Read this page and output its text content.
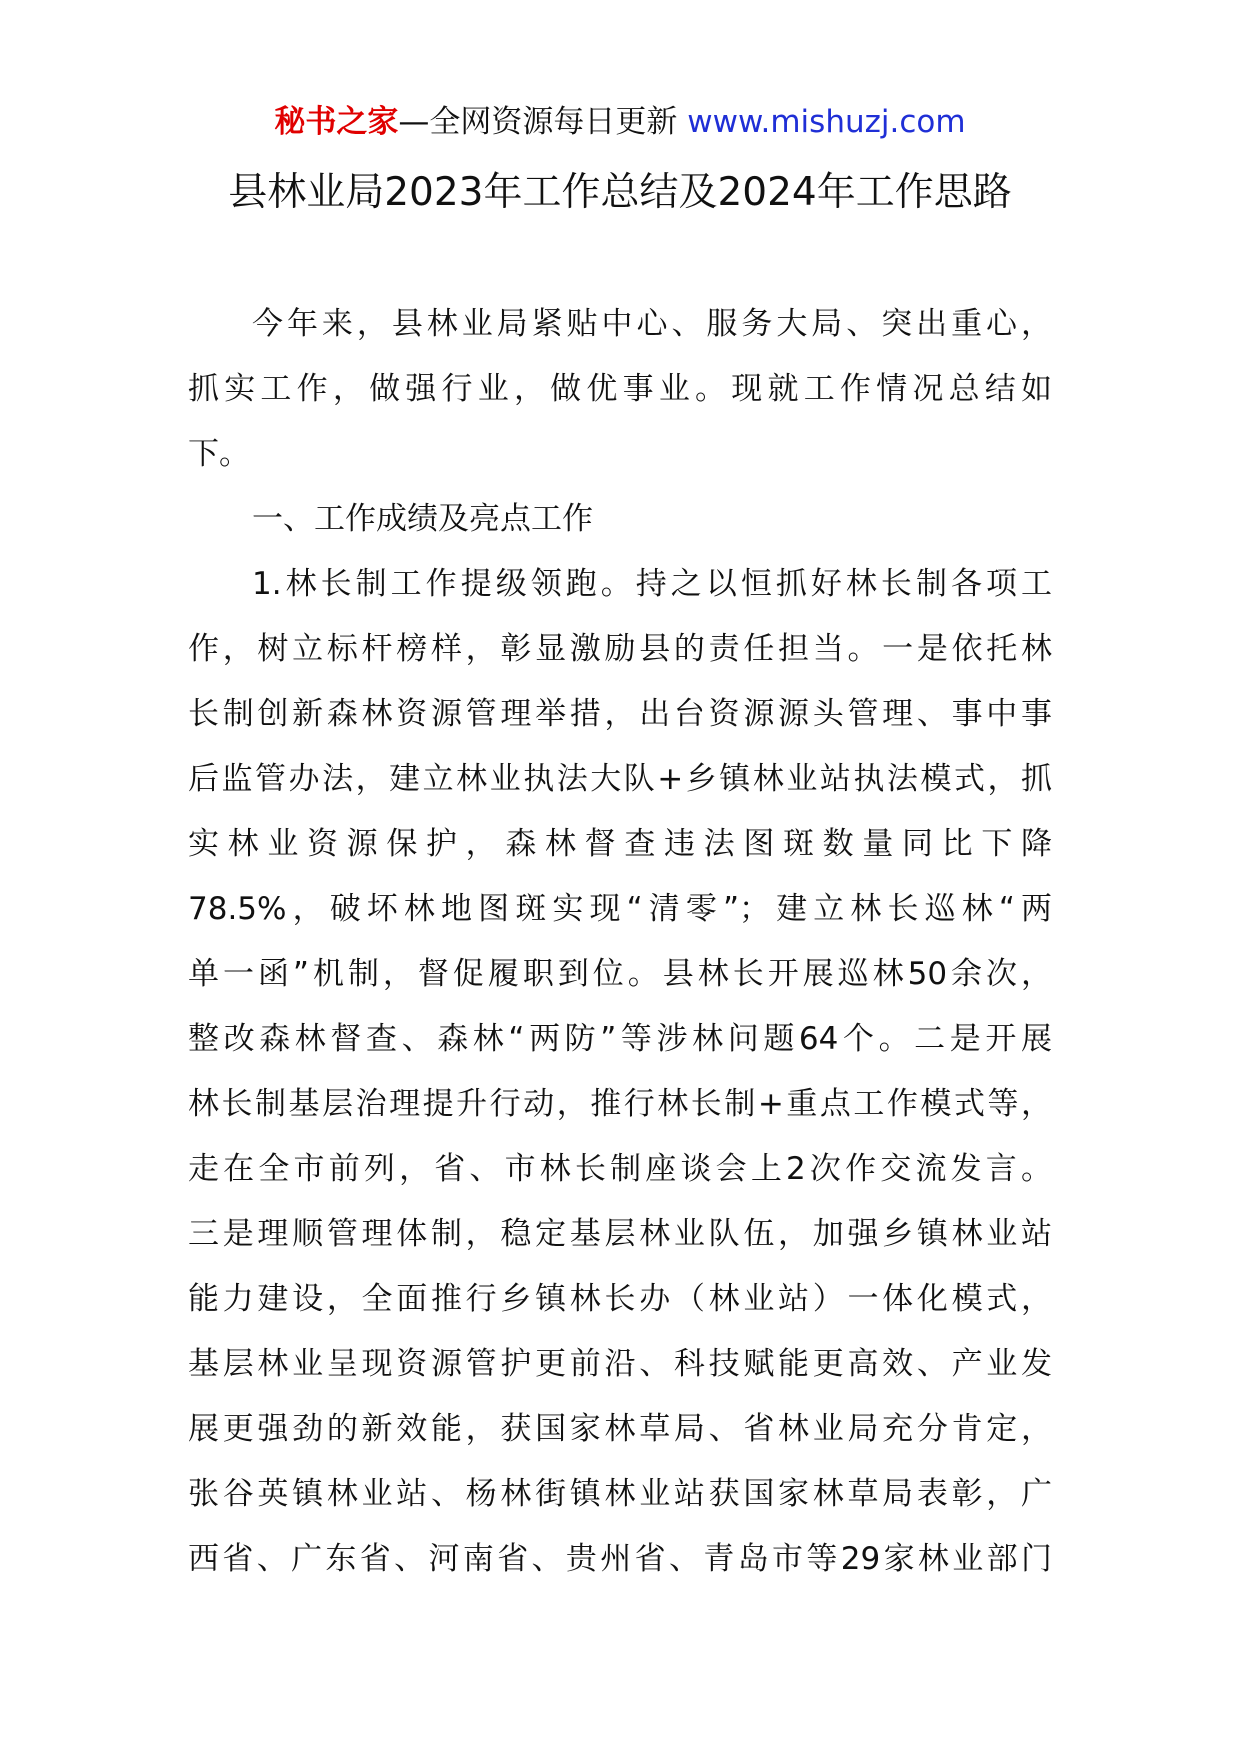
秘书之家—全网资源每日更新 www.mishuzj.com
县林业局2023年工作总结及2024年工作思路
今年来，县林业局紧贴中心、服务大局、突出重心，
抓实工作，做强行业，做优事业。现就工作情况总结如
下。
一、工作成绩及亮点工作
1.林长制工作提级领跑。持之以恒抓好林长制各项工
作，树立标杆榜样，彰显激励县的责任担当。一是依托林
长制创新森林资源管理举措，出台资源源头管理、事中事
后监管办法，建立林业执法大队+乡镇林业站执法模式，抓
实林业资源保护，森林督查违法图斑数量同比下降
78.5%，破坏林地图斑实现“清零”；建立林长巡林“两
单一函”机制，督促履职到位。县林长开展巡林50余次，
整改森林督查、森林“两防”等涉林问题64个。二是开展
林长制基层治理提升行动，推行林长制+重点工作模式等，
走在全市前列，省、市林长制座谈会上2次作交流发言。
三是理顺管理体制，稳定基层林业队伍，加强乡镇林业站
能力建设，全面推行乡镇林长办（林业站）一体化模式，
基层林业呈现资源管护更前沿、科技赋能更高效、产业发
展更强劲的新效能，获国家林草局、省林业局充分肯定，
张谷英镇林业站、杨林街镇林业站获国家林草局表彰，广
西省、广东省、河南省、贵州省、青岛市等29家林业部门
